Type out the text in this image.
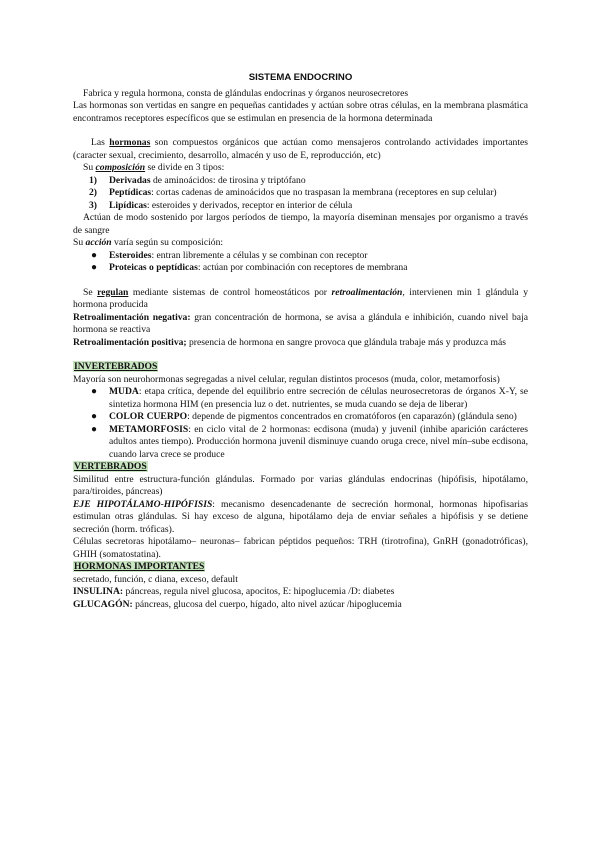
SISTEMA ENDOCRINO

Fabrica y regula hormona, consta de glándulas endocrinas y órganos neurosecretores

Las hormonas son vertidas en sangre en pequeñas cantidades y actúan sobre otras células, en la membrana plasmática encontramos receptores específicos que se estimulan en presencia de la hormona determinada

Las hormonas son compuestos orgánicos que actúan como mensajeros controlando actividades importantes (caracter sexual, crecimiento, desarrollo, almacén y uso de E, reproducción, etc)

Su composición se divide en 3 tipos:

1) Derivadas de aminoácidos: de tirosina y triptófano
2) Peptídicas: cortas cadenas de aminoácidos que no traspasan la membrana (receptores en sup celular)
3) Lipídicas: esteroides y derivados, receptor en interior de célula

Actúan de modo sostenido por largos períodos de tiempo, la mayoría diseminan mensajes por organismo a través de sangre

Su acción varía según su composición:

● Esteroides: entran libremente a células y se combinan con receptor
● Proteicas o peptídicas: actúan por combinación con receptores de membrana

Se regulan mediante sistemas de control homeostáticos por retroalimentación, intervienen min 1 glándula y hormona producida

Retroalimentación negativa: gran concentración de hormona, se avisa a glándula e inhibición, cuando nivel baja hormona se reactiva

Retroalimentación positiva; presencia de hormona en sangre provoca que glándula trabaje más y produzca más

INVERTEBRADOS

Mayoría son neurohormonas segregadas a nivel celular, regulan distintos procesos (muda, color, metamorfosis)

● MUDA: etapa crítica, depende del equilibrio entre secreción de células neurosecretoras de órganos X-Y, se sintetiza hormona HIM (en presencia luz o det. nutrientes, se muda cuando se deja de liberar)
● COLOR CUERPO: depende de pigmentos concentrados en cromatóforos (en caparazón) (glándula seno)
● METAMORFOSIS: en ciclo vital de 2 hormonas: ecdisona (muda) y juvenil (inhibe aparición carácteres adultos antes tiempo). Producción hormona juvenil disminuye cuando oruga crece, nivel mín–sube ecdisona, cuando larva crece se produce

VERTEBRADOS

Similitud entre estructura-función glándulas. Formado por varias glándulas endocrinas (hipófisis, hipotálamo, para/tiroides, páncreas)

EJE HIPOTÁLAMO-HIPÓFISIS: mecanismo desencadenante de secreción hormonal, hormonas hipofisarias estimulan otras glándulas. Si hay exceso de alguna, hipotálamo deja de enviar señales a hipófisis y se detiene secreción (horm. tróficas).

Células secretoras hipotálamo– neuronas– fabrican péptidos pequeños: TRH (tirotrofina), GnRH (gonadotróficas), GHIH (somatostatina).

HORMONAS IMPORTANTES

secretado, función, c diana, exceso, default

INSULINA: páncreas, regula nivel glucosa, apocitos, E: hipoglucemia /D: diabetes

GLUCAGÓN: páncreas, glucosa del cuerpo, hígado, alto nivel azúcar /hipoglucemia
